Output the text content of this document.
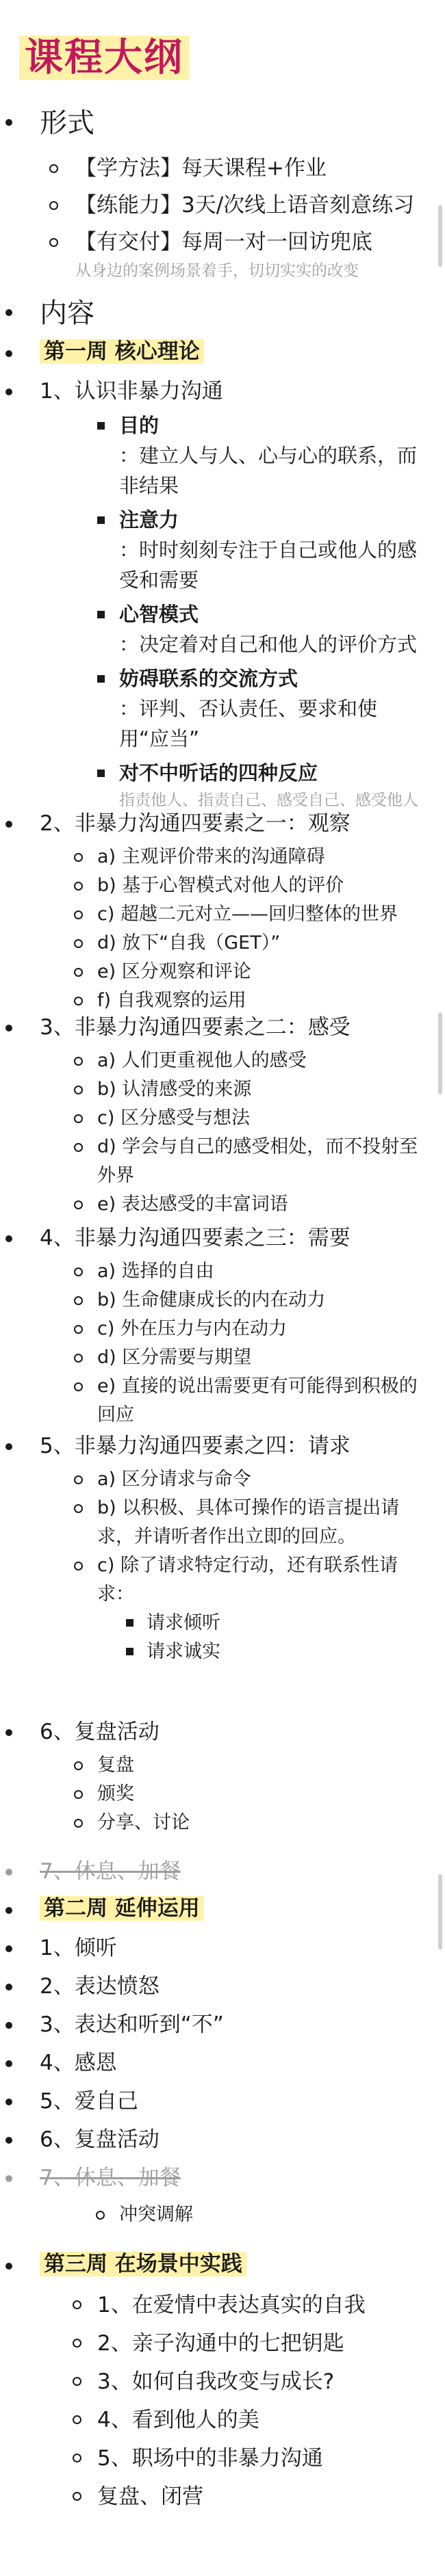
课程大纲
形式
【学方法】每天课程+作业
【练能力】3天/次线上语音刻意练习
【有交付】每周一对一回访兜底
从身边的案例场景着手，切切实实的改变
内容
第一周 核心理论
1、认识非暴力沟通
目的
：建立人与人、心与心的联系，而非结果
注意力
：时时刻刻专注于自己或他人的感受和需要
心智模式
：决定着对自己和他人的评价方式
妨碍联系的交流方式
：评判、否认责任、要求和使用“应当”
对不中听话的四种反应
指责他人、指责自己、感受自己、感受他人
2、非暴力沟通四要素之一：观察
a) 主观评价带来的沟通障碍
b) 基于心智模式对他人的评价
c) 超越二元对立——回归整体的世界
d) 放下“自我（GET）”
e) 区分观察和评论
f) 自我观察的运用
3、非暴力沟通四要素之二：感受
a) 人们更重视他人的感受
b) 认清感受的来源
c) 区分感受与想法
d) 学会与自己的感受相处，而不投射至外界
e) 表达感受的丰富词语
4、非暴力沟通四要素之三：需要
a) 选择的自由
b) 生命健康成长的内在动力
c) 外在压力与内在动力
d) 区分需要与期望
e) 直接的说出需要更有可能得到积极的回应
5、非暴力沟通四要素之四：请求
a) 区分请求与命令
b) 以积极、具体可操作的语言提出请求，并请听者作出立即的回应。
c) 除了请求特定行动，还有联系性请求：
请求倾听
请求诚实
6、复盘活动
复盘
颁奖
分享、讨论
7、休息、加餐
第二周 延伸运用
1、倾听
2、表达愤怒
3、表达和听到“不”
4、感恩
5、爱自己
6、复盘活动
7、休息、加餐
冲突调解
第三周 在场景中实践
1、在爱情中表达真实的自我
2、亲子沟通中的七把钥匙
3、如何自我改变与成长?
4、看到他人的美
5、职场中的非暴力沟通
复盘、闭营
